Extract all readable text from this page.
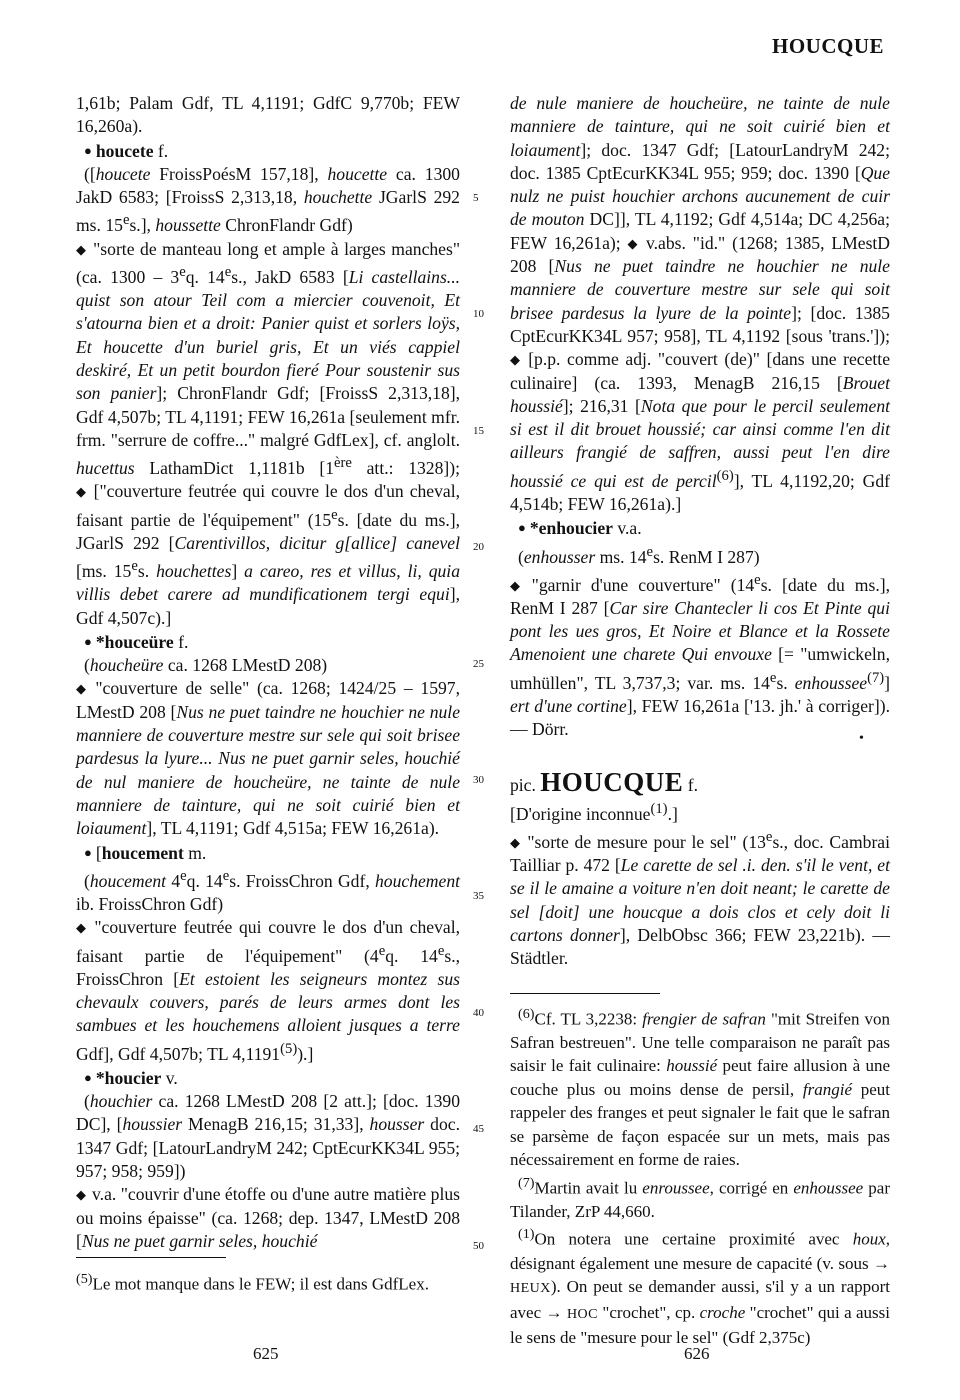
HOUCQUE

1,61b; Palam Gdf, TL 4,1191; GdfC 9,770b; FEW 16,260a).

● houcete f.

([houcete FroissPoésM 157,18], houcette ca. 1300 JakD 6583; [FroissS 2,313,18, houchette JGarlS 292 ms. 15es.], houssette ChronFlandr Gdf)

◆ "sorte de manteau long et ample à larges manches" (ca. 1300 – 3eq. 14es., JakD 6583 [Li castellains... quist son atour Teil com a miercier couvenoit, Et s'atourna bien et a droit: Panier quist et sorlers loÿs, Et houcette d'un buriel gris, Et un viés cappiel deskiré, Et un petit bourdon fieré Pour soustenir sus son panier]; ChronFlandr Gdf; [FroissS 2,313,18], Gdf 4,507b; TL 4,1191; FEW 16,261a [seulement mfr. frm. "serrure de coffre..." malgré GdfLex], cf. anglolt. hucettus LathamDict 1,1181b [1ère att.: 1328]); ◆ ["couverture feutrée qui couvre le dos d'un cheval, faisant partie de l'équipement" (15es. [date du ms.], JGarlS 292 [Carentivillos, dicitur g[allice] canevel [ms. 15es. houchettes] a careo, res et villus, li, quia villis debet carere ad mundificationem tergi equi], Gdf 4,507c).]

● *houceüre f.

(houcheüre ca. 1268 LMestD 208)

◆ "couverture de selle" (ca. 1268; 1424/25 – 1597, LMestD 208 [Nus ne puet taindre ne houchier ne nule manniere de couverture mestre sur sele qui soit brisee pardesus la lyure... Nus ne puet garnir seles, houchié de nul maniere de houcheüre, ne tainte de nule manniere de tainture, qui ne soit cuirié bien et loiaument], TL 4,1191; Gdf 4,515a; FEW 16,261a).

● [houcement m.

(houcement 4eq. 14es. FroissChron Gdf, houchement ib. FroissChron Gdf)

◆ "couverture feutrée qui couvre le dos d'un cheval, faisant partie de l'équipement" (4eq. 14es., FroissChron [Et estoient les seigneurs montez sus chevaulx couvers, parés de leurs armes dont les sambues et les houchemens alloient jusques a terre Gdf], Gdf 4,507b; TL 4,1191$^{(5)}$).]

● *houcier v.

(houchier ca. 1268 LMestD 208 [2 att.]; [doc. 1390 DC], [houssier MenagB 216,15; 31,33], housser doc. 1347 Gdf; [LatourLandryM 242; CptEcurKK34L 955; 957; 958; 959])

◆ v.a. "couvrir d'une étoffe ou d'une autre matière plus ou moins épaisse" (ca. 1268; dep. 1347, LMestD 208 [Nus ne puet garnir seles, houchié

$^{(5)}$Le mot manque dans le FEW; il est dans GdfLex.
5
10
15
20
25
30
35
40
45
50

de nule maniere de houcheüre, ne tainte de nule manniere de tainture, qui ne soit cuirié bien et loiaument]; doc. 1347 Gdf; [LatourLandryM 242; doc. 1385 CptEcurKK34L 955; 959; doc. 1390 [Que nulz ne puist houchier archons aucunement de cuir de mouton DC]], TL 4,1192; Gdf 4,514a; DC 4,256a; FEW 16,261a); ◆ v.abs. "id." (1268; 1385, LMestD 208 [Nus ne puet taindre ne houchier ne nule manniere de couverture mestre sur sele qui soit brisee pardesus la lyure de la pointe]; [doc. 1385 CptEcurKK34L 957; 958], TL 4,1192 [sous 'trans.']); ◆ [p.p. comme adj. "couvert (de)" [dans une recette culinaire] (ca. 1393, MenagB 216,15 [Brouet houssié]; 216,31 [Nota que pour le percil seulement si est il dit brouet houssié; car ainsi comme l'en dit ailleurs frangié de saffren, aussi peut l'en dire houssié ce qui est de percil$^{(6)}$], TL 4,1192,20; Gdf 4,514b; FEW 16,261a).]

● *enhoucier v.a.

(enhousser ms. 14es. RenM I 287)

◆ "garnir d'une couverture" (14es. [date du ms.], RenM I 287 [Car sire Chantecler li cos Et Pinte qui pont les ues gros, Et Noire et Blance et la Rossete Amenoient une charete Qui envouxe [= "umwickeln, umhüllen", TL 3,737,3; var. ms. 14es. enhoussee$^{(7)}$] ert d'une cortine], FEW 16,261a ['13. jh.' à corriger]). — Dörr.

pic. HOUCQUE f.

[D'origine inconnue$^{(1)}$.]

◆ "sorte de mesure pour le sel" (13es., doc. Cambrai Tailliar p. 472 [Le carette de sel .i. den. s'il le vent, et se il le amaine a voiture n'en doit neant; le carette de sel [doit] une houcque a dois clos et cely doit li cartons donner], DelbObsc 366; FEW 23,221b). — Städtler.

$^{(6)}$Cf. TL 3,2238: frengier de safran "mit Streifen von Safran bestreuen". Une telle comparaison ne paraît pas saisir le fait culinaire: houssié peut faire allusion à une couche plus ou moins dense de persil, frangié peut rappeler des franges et peut signaler le fait que le safran se parsème de façon espacée sur un mets, mais pas nécessairement en forme de raies.

$^{(7)}$Martin avait lu enroussee, corrigé en enhoussee par Tilander, ZrP 44,660.

$^{(1)}$On notera une certaine proximité avec houx, désignant également une mesure de capacité (v. sous → HEUX). On peut se demander aussi, s'il y a un rapport avec → HOC "crochet", cp. croche "crochet" qui a aussi le sens de "mesure pour le sel" (Gdf 2,375c)

•
625	626
